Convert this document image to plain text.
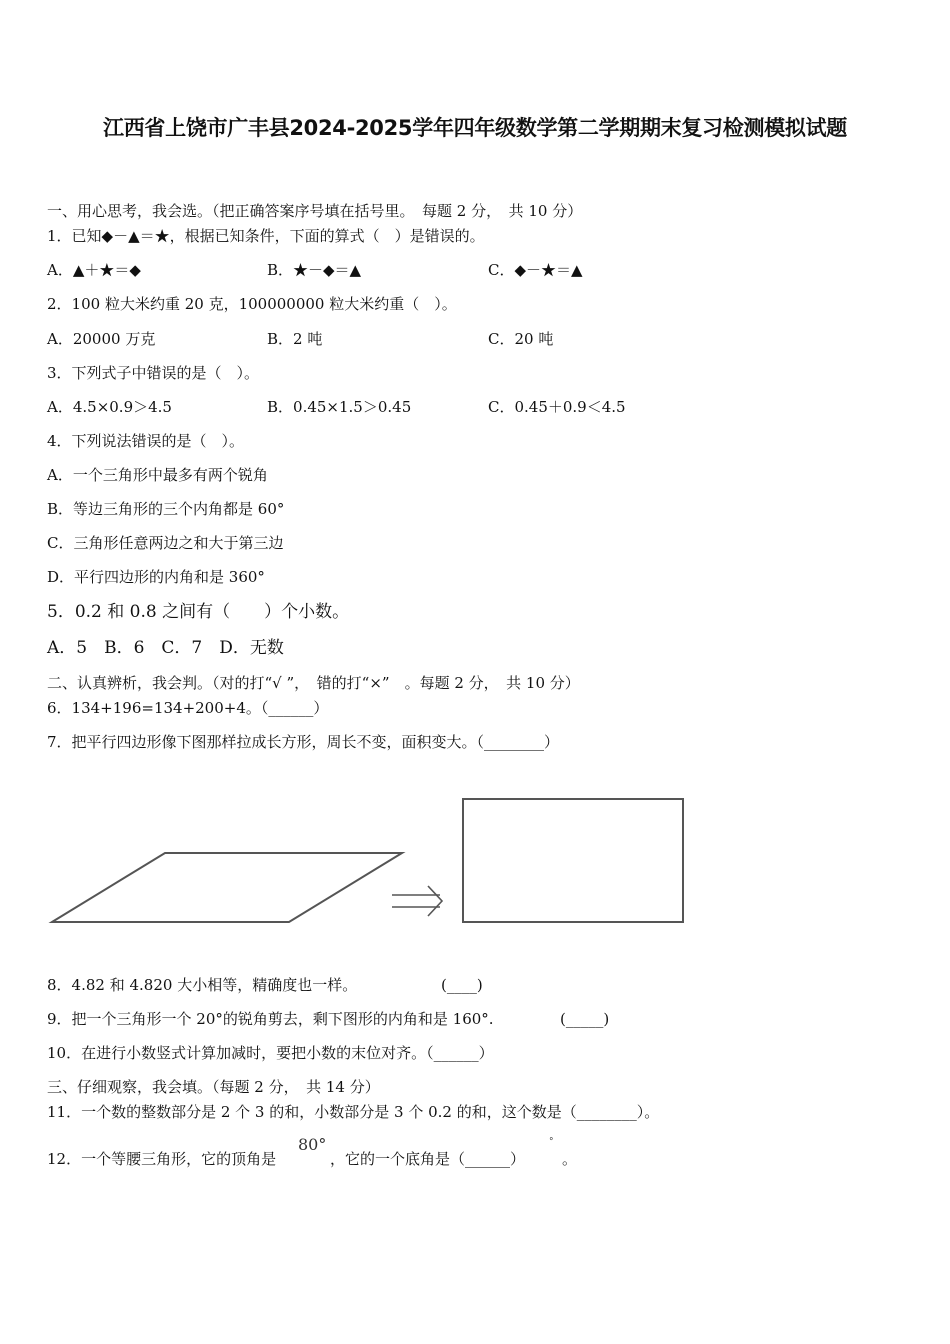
江西省上饶市广丰县2024-2025学年四年级数学第二学期期末复习检测模拟试题
一、用心思考，我会选。（把正确答案序号填在括号里。　每题 2 分，　共 10 分）
1．已知◆－▲＝★，根据已知条件，下面的算式（　）是错误的。
A．▲＋★＝◆	B．★－◆＝▲	C．◆－★＝▲
2．100 粒大米约重 20 克，100000000 粒大米约重（　）。
A．20000 万克	B．2 吨	C．20 吨
3．下列式子中错误的是（　）。
A．4.5×0.9＞4.5	B．0.45×1.5＞0.45	C．0.45＋0.9＜4.5
4．下列说法错误的是（　）。
A．一个三角形中最多有两个锐角
B．等边三角形的三个内角都是 60°
C．三角形任意两边之和大于第三边
D．平行四边形的内角和是 360°
5．0.2 和 0.8 之间有（　　）个小数。
A．5　B．6　C．7　D．无数
二、认真辨析，我会判。（对的打“√ ”，　错的打“×”　。每题 2 分，　共 10 分）
6．134+196=134+200+4。（______）
7．把平行四边形像下图那样拉成长方形，周长不变，面积变大。（________）
8．4.82 和 4.820 大小相等，精确度也一样。	(____)
9．把一个三角形一个 20°的锐角剪去，剩下图形的内角和是 160°.	(_____)
10．在进行小数竖式计算加减时，要把小数的末位对齐。（______）
三、仔细观察，我会填。（每题 2 分，　共 14 分）
11．一个数的整数部分是 2 个 3 的和，小数部分是 3 个 0.2 的和，这个数是（________）。
12．一个等腰三角形，它的顶角是
80°
，它的一个底角是（______）
°
。
